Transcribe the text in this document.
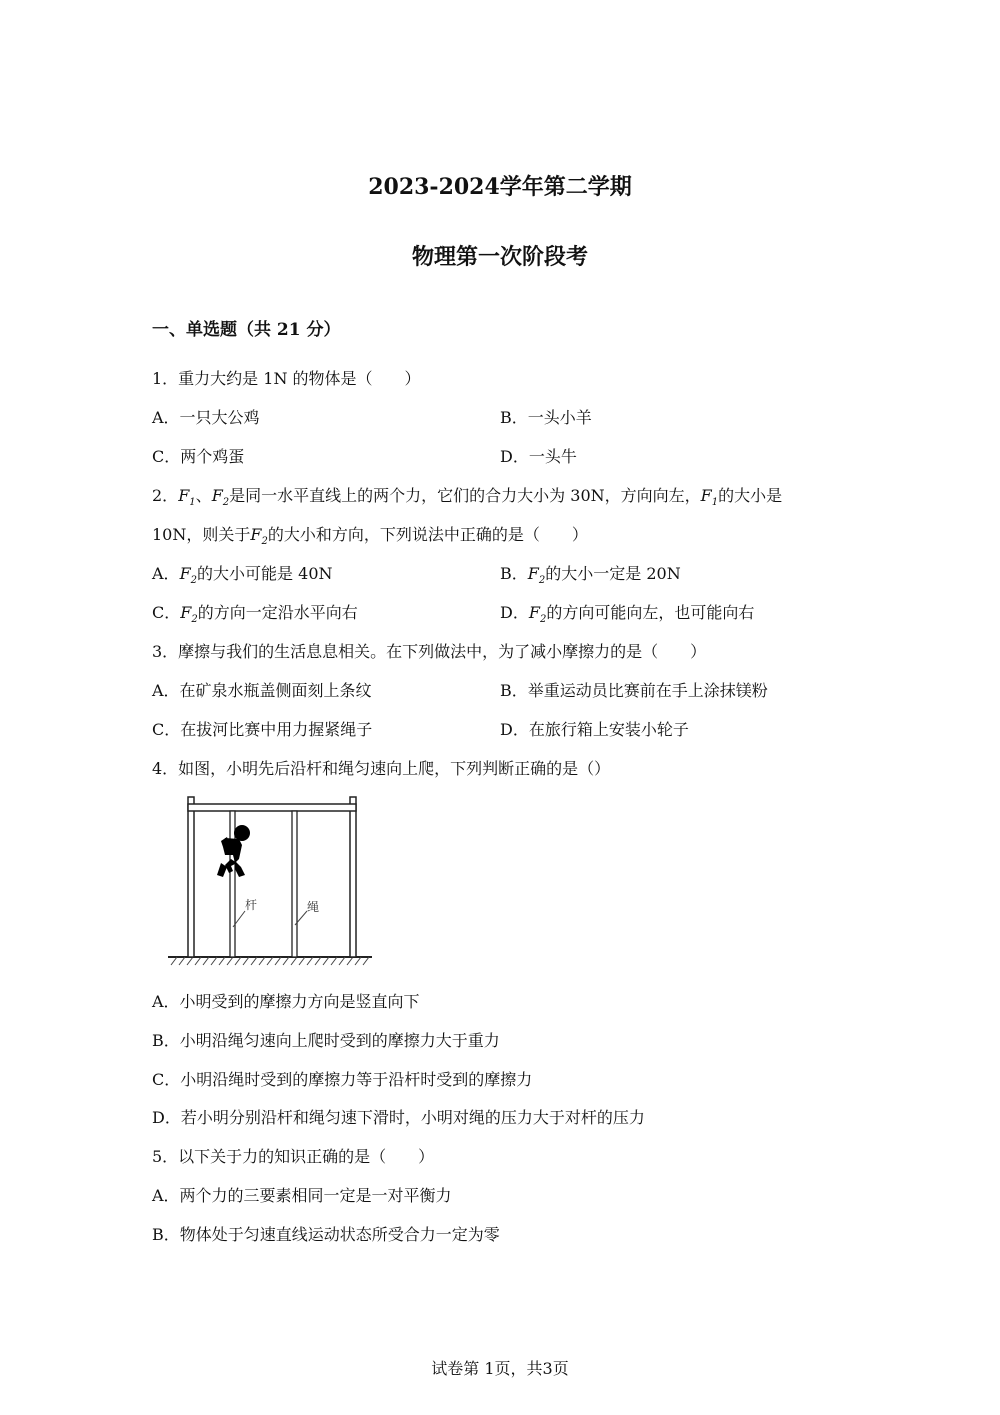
2023-2024学年第二学期
物理第一次阶段考
一、单选题（共 21 分）
1．重力大约是 1N 的物体是（　　）
A．一只大公鸡	B．一头小羊
C．两个鸡蛋	D．一头牛
2．$F_1$、$F_2$是同一水平直线上的两个力，它们的合力大小为 30N，方向向左，$F_1$的大小是
10N，则关于$F_2$的大小和方向，下列说法中正确的是（　　）
A．$F_2$的大小可能是 40N	B．$F_2$的大小一定是 20N
C．$F_2$的方向一定沿水平向右	D．$F_2$的方向可能向左，也可能向右
3．摩擦与我们的生活息息相关。在下列做法中，为了减小摩擦力的是（　　）
A．在矿泉水瓶盖侧面刻上条纹	B．举重运动员比赛前在手上涂抹镁粉
C．在拔河比赛中用力握紧绳子	D．在旅行箱上安装小轮子
4．如图，小明先后沿杆和绳匀速向上爬，下列判断正确的是（）
杆	绳
A．小明受到的摩擦力方向是竖直向下
B．小明沿绳匀速向上爬时受到的摩擦力大于重力
C．小明沿绳时受到的摩擦力等于沿杆时受到的摩擦力
D．若小明分别沿杆和绳匀速下滑时，小明对绳的压力大于对杆的压力
5．以下关于力的知识正确的是（　　）
A．两个力的三要素相同一定是一对平衡力
B．物体处于匀速直线运动状态所受合力一定为零
试卷第 1页，共3页
